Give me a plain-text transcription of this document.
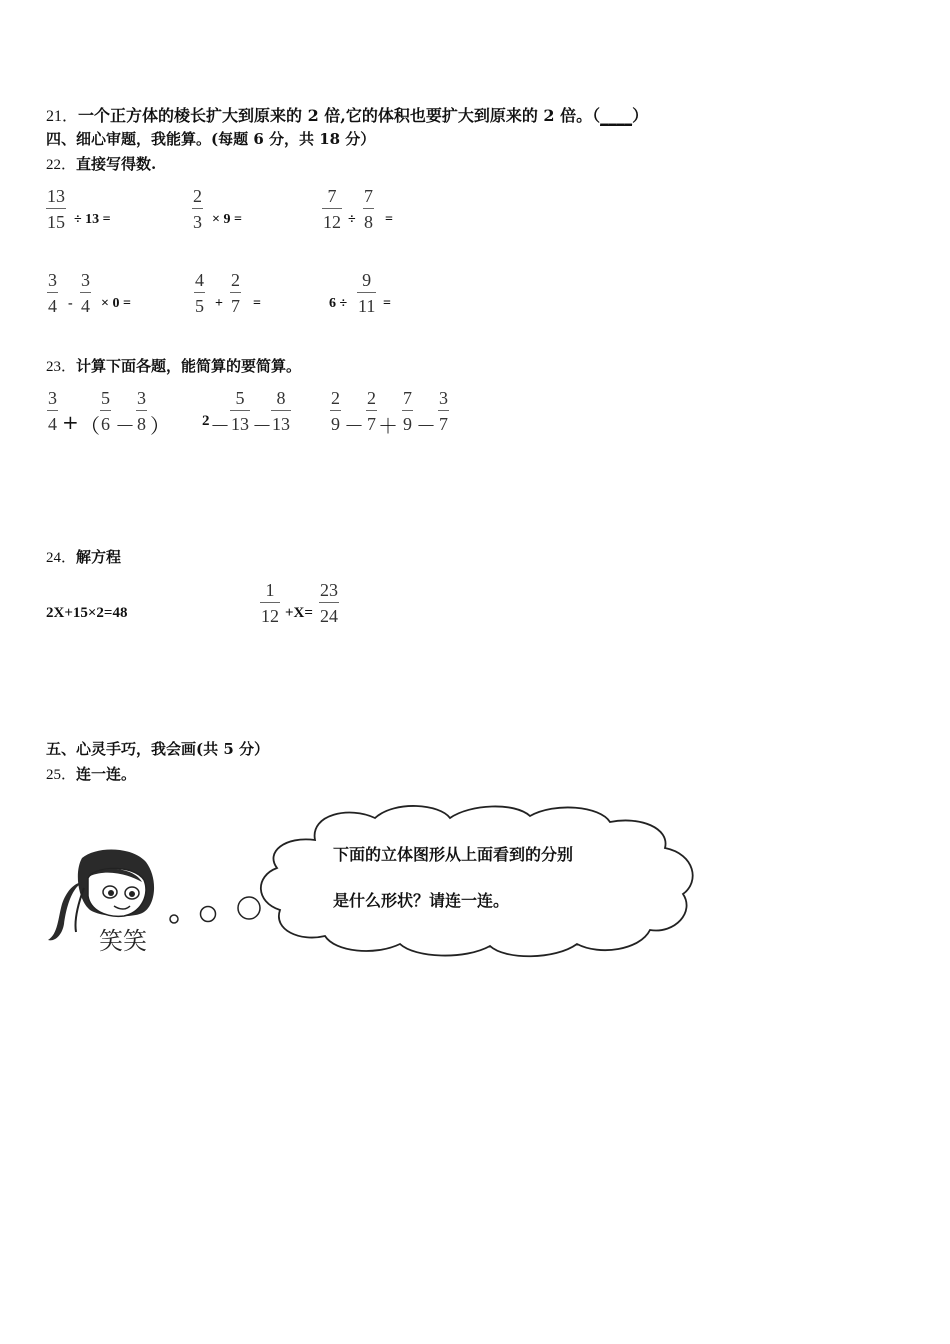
21．一个正方体的棱长扩大到原来的 2 倍,它的体积也要扩大到原来的 2 倍。（____）
四、细心审题，我能算。(每题 6 分，共 18 分）
22．直接写得数.
13
15 ÷ 13 =
2
3 × 9 =
7
12 ÷
7
8 =
3
4 -
3
4 × 0 =
4
5 +
2
7 =	6 ÷
9
11 =
23．计算下面各题，能简算的要简算。
3
4 + （
5
6 －
3
8 ） 2 －
5
13 －
8
13
2
9 －
2
7 ＋
7
9 －
3
7
24．解方程
2X+15×2=48
1
12 +X=
23
24
五、心灵手巧，我会画(共 5 分）
25．连一连。
下面的立体图形从上面看到的分别
是什么形状？请连一连。
笑笑
